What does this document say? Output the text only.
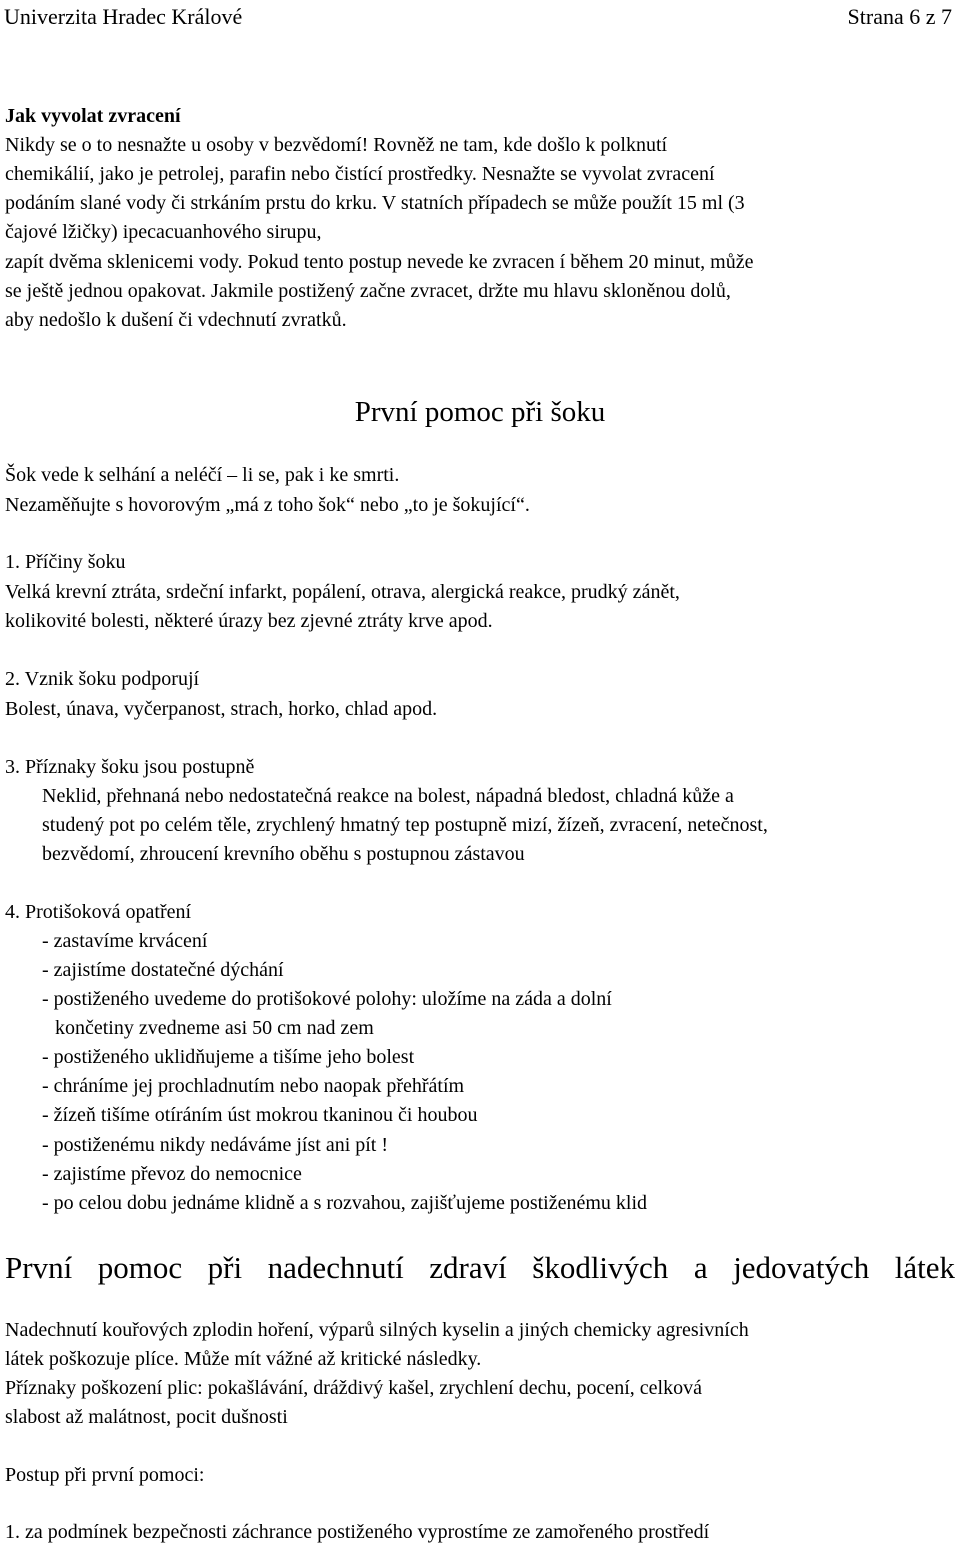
Univerzita Hradec Králové	Strana 6 z 7
Jak vyvolat zvracení
Nikdy se o to nesnažte u osoby v bezvědomí! Rovněž ne tam, kde došlo k polknutí
chemikálií, jako je petrolej, parafin nebo čistící prostředky. Nesnažte se vyvolat zvracení
podáním slané vody či strkáním prstu do krku. V statních případech se může použít 15 ml (3
čajové lžičky) ipecacuanhového sirupu,
zapít dvěma sklenicemi vody. Pokud tento postup nevede ke zvracen í během 20 minut, může
se ještě jednou opakovat. Jakmile postižený začne zvracet, držte mu hlavu skloněnou dolů,
aby nedošlo k dušení či vdechnutí zvratků.
První pomoc při šoku
Šok vede k selhání a neléčí – li se, pak i ke smrti.
Nezaměňujte s hovorovým „má z toho šok“ nebo „to je šokující“.
1. Příčiny šoku
Velká krevní ztráta, srdeční infarkt, popálení, otrava, alergická reakce, prudký zánět,
kolikovité bolesti, některé úrazy bez zjevné ztráty krve apod.
2. Vznik šoku podporují
Bolest, únava, vyčerpanost, strach, horko, chlad apod.
3. Příznaky šoku jsou postupně
Neklid, přehnaná nebo nedostatečná reakce na bolest, nápadná bledost, chladná kůže a
studený pot po celém těle, zrychlený hmatný tep postupně mizí, žízeň, zvracení, netečnost,
bezvědomí, zhroucení krevního oběhu s postupnou zástavou
4. Protišoková opatření
- zastavíme krvácení
- zajistíme dostatečné dýchání
- postiženého uvedeme do protišokové polohy: uložíme na záda a dolní
končetiny zvedneme asi 50 cm nad zem
- postiženého uklidňujeme a tišíme jeho bolest
- chráníme jej prochladnutím nebo naopak přehřátím
- žízeň tišíme otíráním úst mokrou tkaninou či houbou
- postiženému nikdy nedáváme jíst ani pít !
- zajistíme převoz do nemocnice
- po celou dobu jednáme klidně a s rozvahou, zajišťujeme postiženému klid
První pomoc při nadechnutí zdraví škodlivých a jedovatých látek
Nadechnutí kouřových zplodin hoření, výparů silných kyselin a jiných chemicky agresivních
látek poškozuje plíce. Může mít vážné až kritické následky.
Příznaky poškození plic: pokašlávání, dráždivý kašel, zrychlení dechu, pocení, celková
slabost až malátnost, pocit dušnosti
Postup při první pomoci:
1. za podmínek bezpečnosti záchrance postiženého vyprostíme ze zamořeného prostředí
